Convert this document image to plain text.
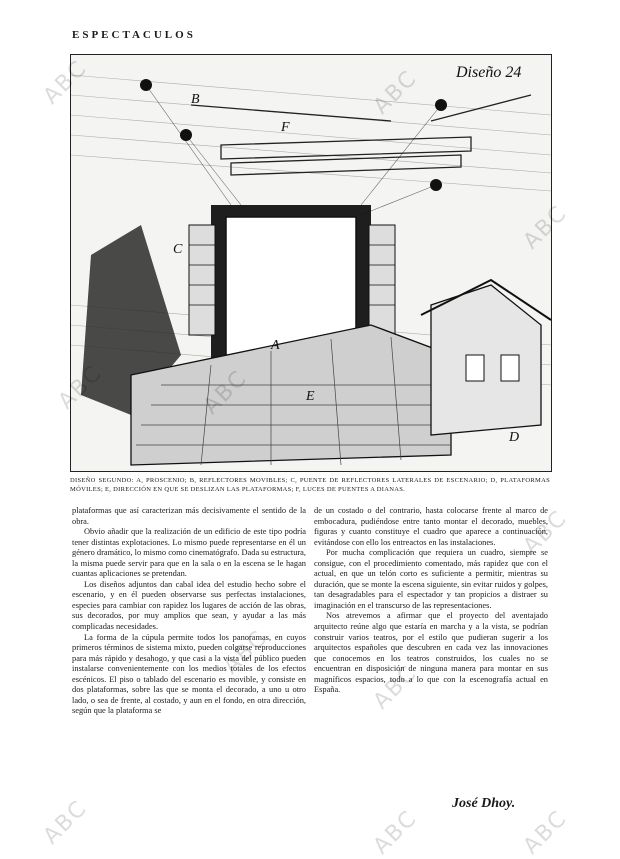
ESPECTACULOS
Diseño 24
A
B
C
D
E
F
DISEÑO SEGUNDO: A, PROSCENIO; B, REFLECTORES MOVIBLES; C, PUENTE DE REFLECTORES LATERALES DE ESCENARIO; D, PLATAFORMAS MÓVILES; E, DIRECCIÓN EN QUE SE DESLIZAN LAS PLATAFORMAS; F, LUCES DE PUENTES A DIANAS.

plataformas que así caracterizan más decisivamente el sentido de la obra.

Obvio añadir que la realización de un edificio de este tipo podría tener distintas explotaciones. Lo mismo puede representarse en él un género dramático, lo mismo como cinematógrafo. Dada su estructura, la misma puede servir para que en la sala o en la escena se le hagan cuantas aplicaciones se pretendan.

Los diseños adjuntos dan cabal idea del estudio hecho sobre el escenario, y en él pueden observarse sus perfectas instalaciones, especies para cambiar con rapidez los lugares de acción de las obras, sus decorados, por muy amplios que sean, y ayudar a las más complicadas necesidades.

La forma de la cúpula permite todos los panoramas, en cuyos primeros términos de sistema mixto, pueden colgarse reproducciones para más rápido y desahogo, y que casi a la vista del público pueden instalarse convenientemente con los medios totales de los efectos escénicos. El piso o tablado del escenario es movible, y consiste en dos plataformas, sobre las que se monta el decorado, a uno u otro lado, o sea de frente, al costado, y aun en el fondo, en otra dirección, según que la plataforma se

de un costado o del contrario, hasta colocarse frente al marco de embocadura, pudiéndose entre tanto montar el decorado, muebles, figuras y cuanto constituye el cuadro que aparece a continuación, evitándose con ello los entreactos en las instalaciones.

Por mucha complicación que requiera un cuadro, siempre se consigue, con el procedimiento comentado, más rapidez que con el actual, en que un telón corto es suficiente a permitir, mientras su duración, que se monte la escena siguiente, sin evitar ruidos y golpes, tan desagradables para el espectador y tan propicios a distraer su imaginación en el transcurso de las representaciones.

Nos atrevemos a afirmar que el proyecto del aventajado arquitecto reúne algo que estaría en marcha y a la vista, se podrían construir varios teatros, por el estilo que pudieran sugerir a los arquitectos españoles que descubren en cada vez las innovaciones que conocemos en los teatros construidos, los cuales no se encuentran en disposición de ninguna manera para montar en sus magníficos espacios, todo a lo que con la escenografía actual en España.

José Dhoy.
ABC
ABC
ABC
ABC
ABC	ABC	ABC
